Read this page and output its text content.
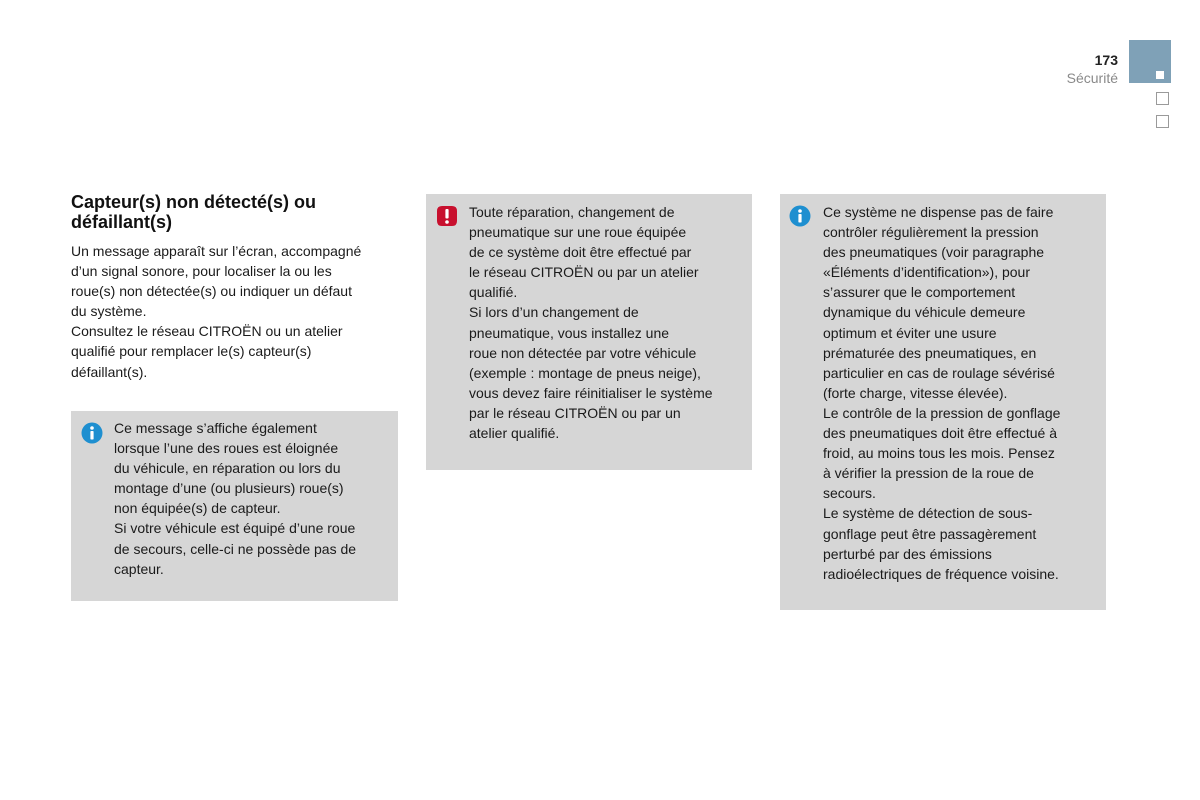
173
Sécurité
Capteur(s) non détecté(s) ou
défaillant(s)
Un message apparaît sur l’écran, accompagné
d’un signal sonore, pour localiser la ou les
roue(s) non détectée(s) ou indiquer un défaut
du système.
Consultez le réseau CITROËN ou un atelier
qualifié pour remplacer le(s) capteur(s)
défaillant(s).
Ce message s’affiche également
lorsque l’une des roues est éloignée
du véhicule, en réparation ou lors du
montage d’une (ou plusieurs) roue(s)
non équipée(s) de capteur.
Si votre véhicule est équipé d’une roue
de secours, celle-ci ne possède pas de
capteur.
Toute réparation, changement de
pneumatique sur une roue équipée
de ce système doit être effectué par
le réseau CITROËN ou par un atelier
qualifié.
Si lors d’un changement de
pneumatique, vous installez une
roue non détectée par votre véhicule
(exemple : montage de pneus neige),
vous devez faire réinitialiser le système
par le réseau CITROËN ou par un
atelier qualifié.
Ce système ne dispense pas de faire
contrôler régulièrement la pression
des pneumatiques (voir paragraphe
«Éléments d’identification»), pour
s’assurer que le comportement
dynamique du véhicule demeure
optimum et éviter une usure
prématurée des pneumatiques, en
particulier en cas de roulage sévérisé
(forte charge, vitesse élevée).
Le contrôle de la pression de gonflage
des pneumatiques doit être effectué à
froid, au moins tous les mois. Pensez
à vérifier la pression de la roue de
secours.
Le système de détection de sous-
gonflage peut être passagèrement
perturbé par des émissions
radioélectriques de fréquence voisine.
